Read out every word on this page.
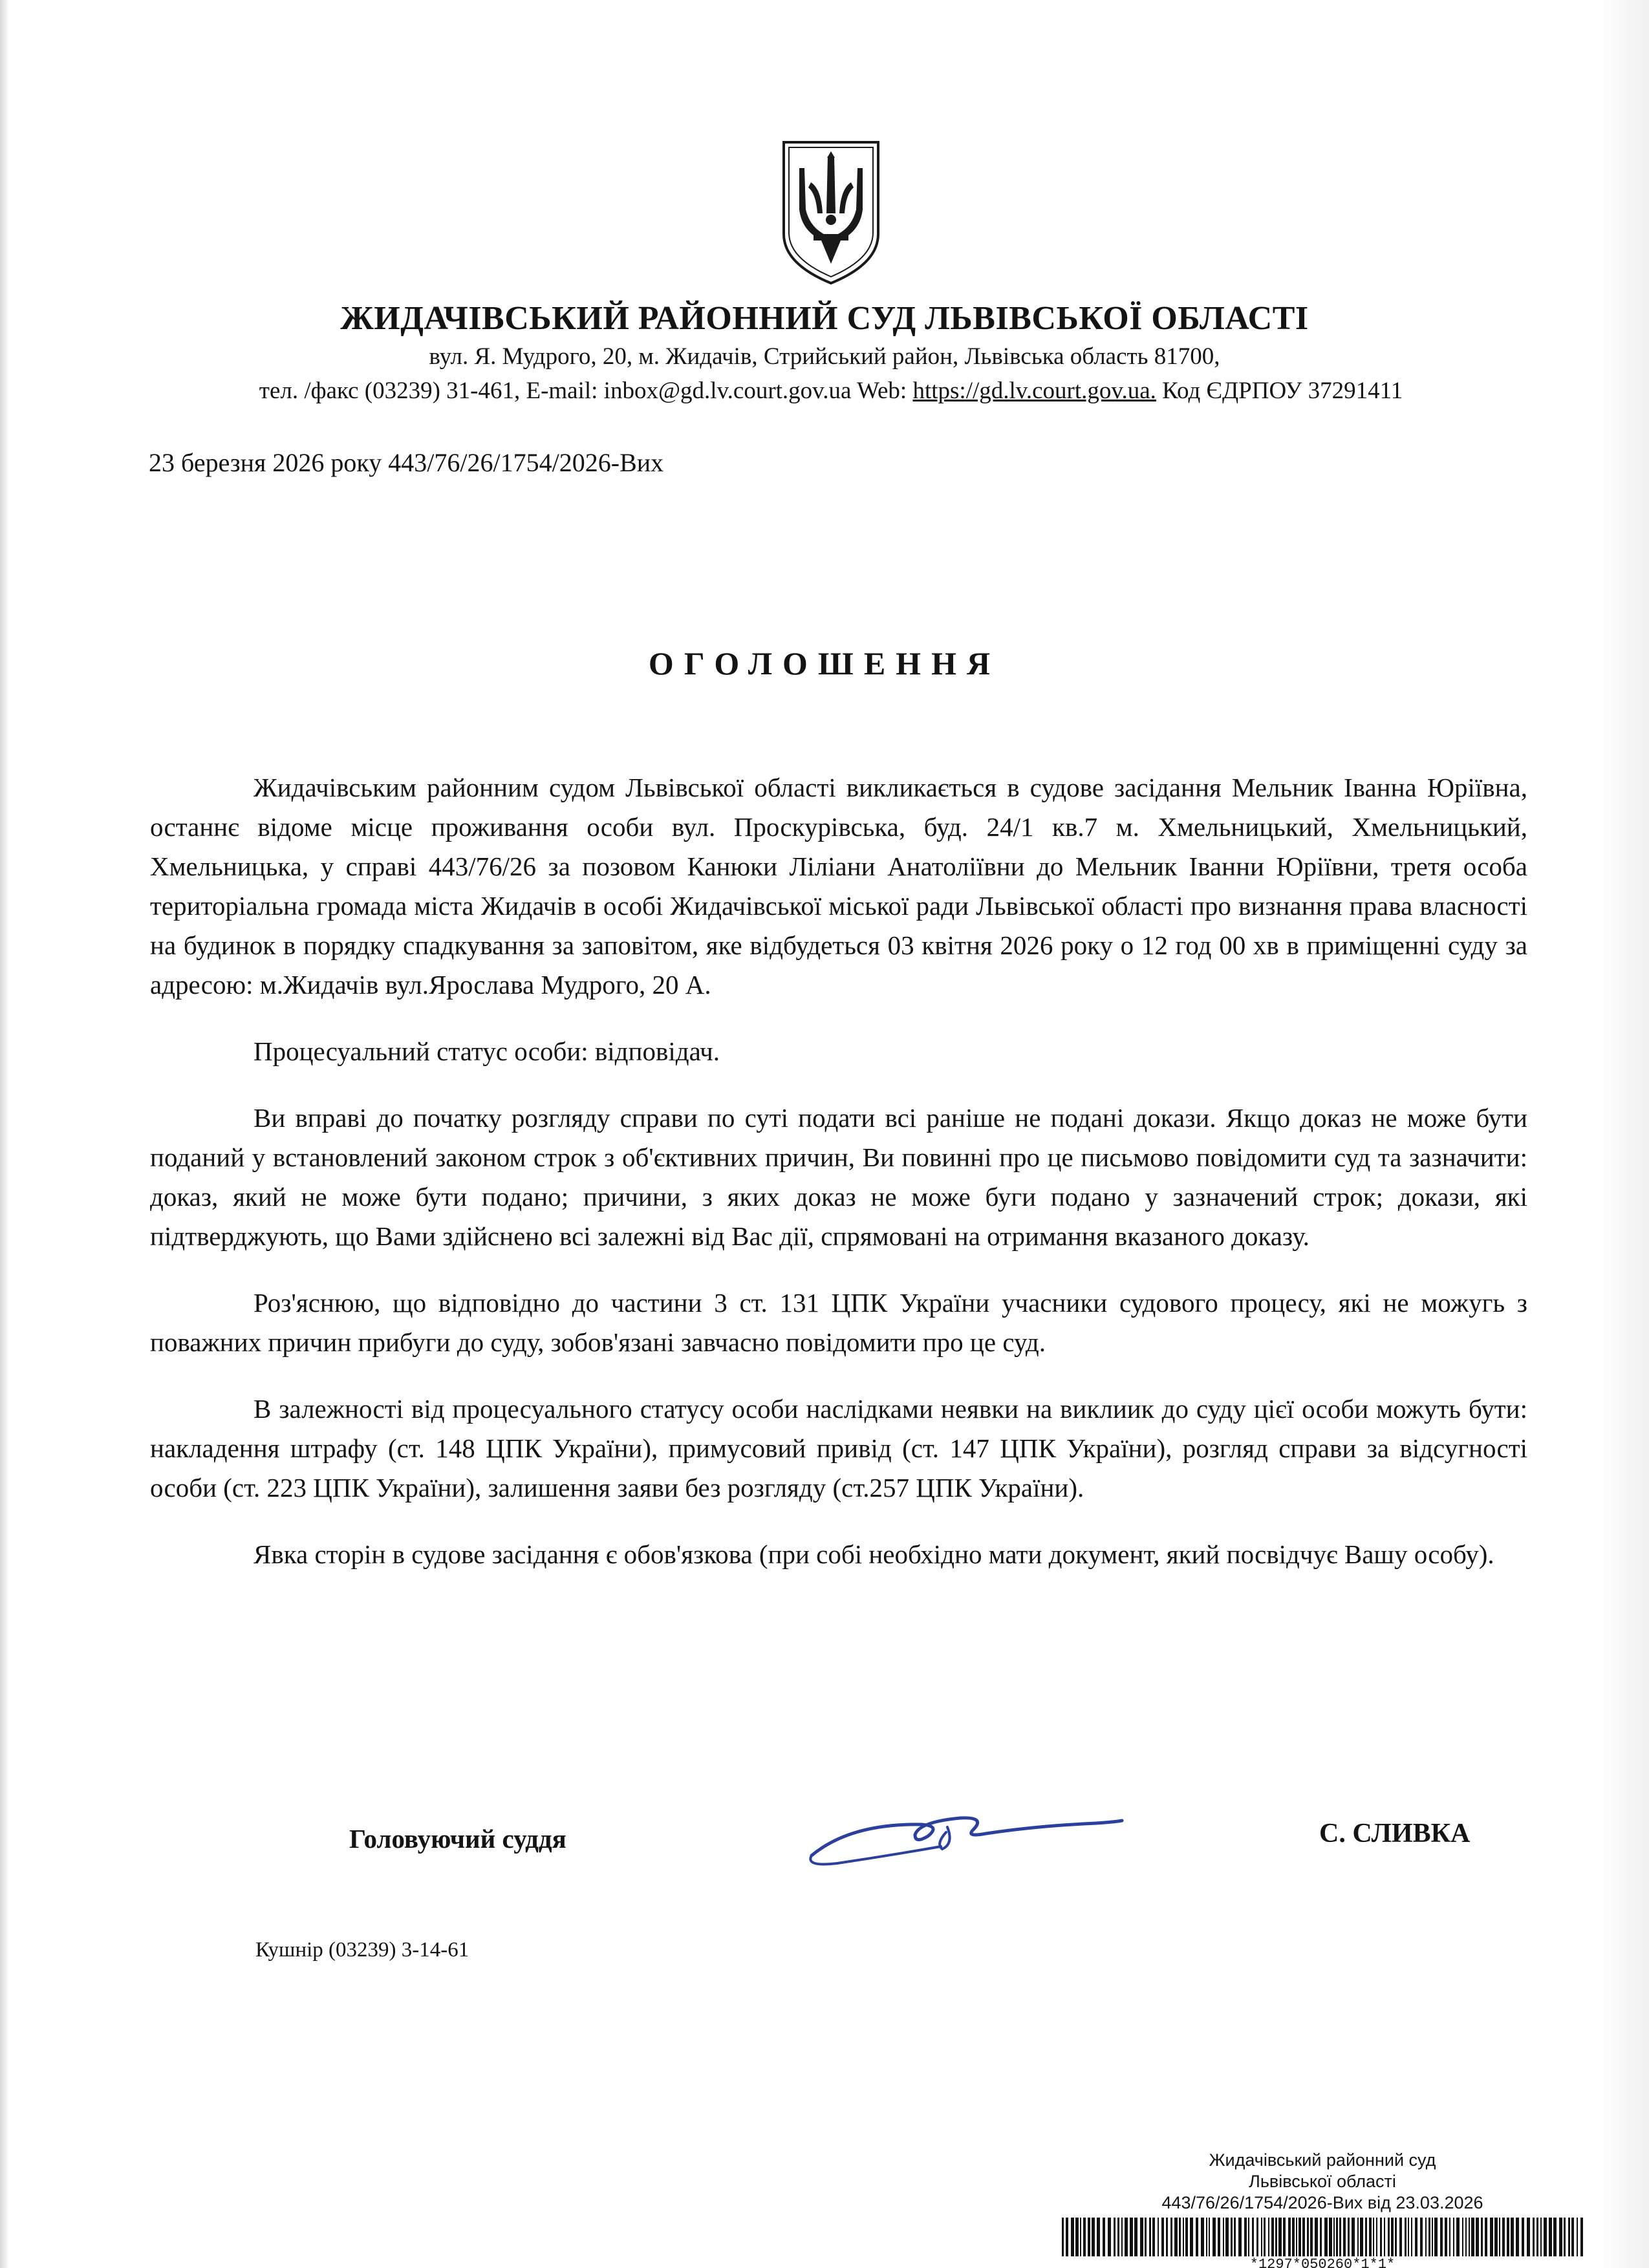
ЖИДАЧІВСЬКИЙ РАЙОННИЙ СУД ЛЬВІВСЬКОЇ ОБЛАСТІ
вул. Я. Мудрого, 20, м. Жидачів, Стрийський район, Львівська область 81700,
тел. /факс (03239) 31-461, E-mail: inbox@gd.lv.court.gov.ua Web: https://gd.lv.court.gov.ua. Код ЄДРПОУ 37291411
23 березня 2026 року 443/76/26/1754/2026-Вих
ОГОЛОШЕННЯ

Жидачівським районним судом Львівської області викликається в судове засідання Мельник Іванна Юріївна, останнє відоме місце проживання особи вул. Проскурівська, буд. 24/1 кв.7 м. Хмельницький, Хмельницький, Хмельницька, у справі 443/76/26 за позовом Канюки Ліліани Анатоліївни до Мельник Іванни Юріївни, третя особа територіальна громада міста Жидачів в особі Жидачівської міської ради Львівської області про визнання права власності на будинок в порядку спадкування за заповітом, яке відбудеться 03 квітня 2026 року о 12 год 00 хв в приміщенні суду за адресою: м.Жидачів вул.Ярослава Мудрого, 20 А.

Процесуальний статус особи: відповідач.

Ви вправі до початку розгляду справи по суті подати всі раніше не подані докази. Якщо доказ не може бути поданий у встановлений законом строк з об'єктивних причин, Ви повинні про це письмово повідомити суд та зазначити: доказ, який не може бути подано; причини, з яких доказ не може буги подано у зазначений строк; докази, які підтверджують, що Вами здійснено всі залежні від Вас дії, спрямовані на отримання вказаного доказу.

Роз'яснюю, що відповідно до частини 3 ст. 131 ЦПК України учасники судового процесу, які не можугь з поважних причин прибуги до суду, зобов'язані завчасно повідомити про це суд.

В залежності від процесуального статусу особи наслідками неявки на виклиик до суду цієї особи можуть бути: накладення штрафу (ст. 148 ЦПК України), примусовий привід (ст. 147 ЦПК України), розгляд справи за відсугності особи (ст. 223 ЦПК України), залишення заяви без розгляду (ст.257 ЦПК України).

Явка сторін в судове засідання є обов'язкова (при собі необхідно мати документ, який посвідчує Вашу особу).

Головуючий суддя	С. СЛИВКА
Кушнір (03239) 3-14-61
Жидачівський районний суд
Львівської області
443/76/26/1754/2026-Вих від 23.03.2026
*1297*050260*1*1*
